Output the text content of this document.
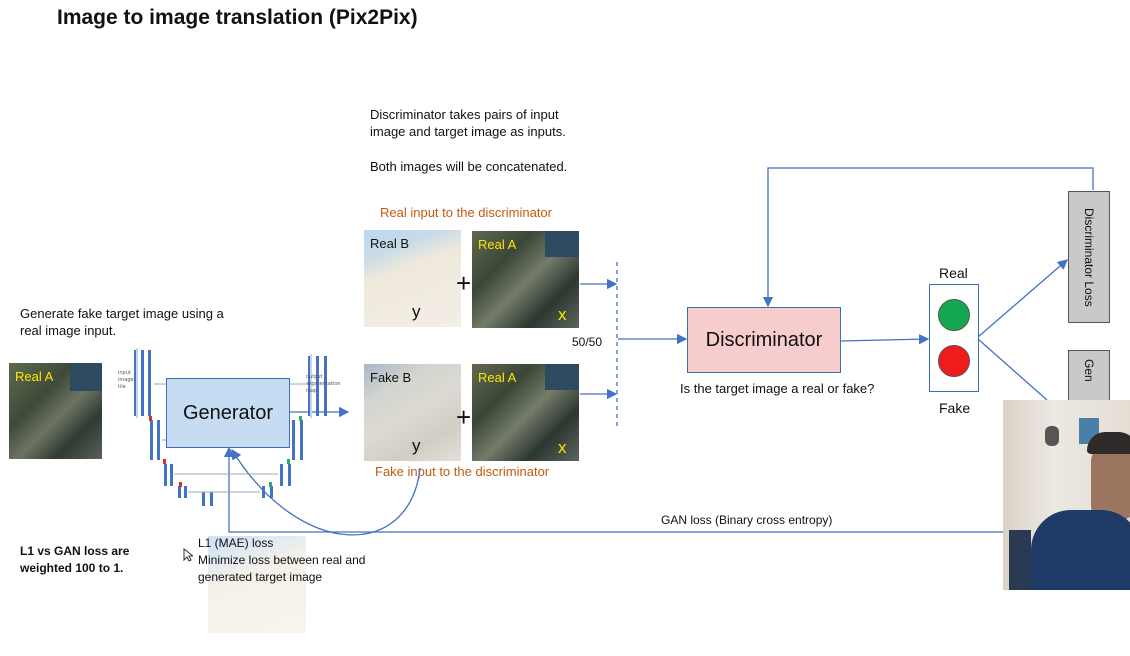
Image to image translation (Pix2Pix)
Discriminator takes pairs of input
image and target image as inputs.
Both images will be concatenated.
Generate fake target image using a
real image input.
L1 vs GAN loss are
weighted 100 to 1.
Real input to the discriminator
Fake input to the discriminator
50/50
Is the target image a real or fake?
GAN loss (Binary cross entropy)
Real A	input
image
tile
output
segmentation
map
Generator
Real B
y
+
Real A
x
Fake B
y
+
Real A
x
L1 (MAE) loss
Minimize loss between real and
generated target image
Discriminator
Real
Fake
Discriminator Loss
Gen
